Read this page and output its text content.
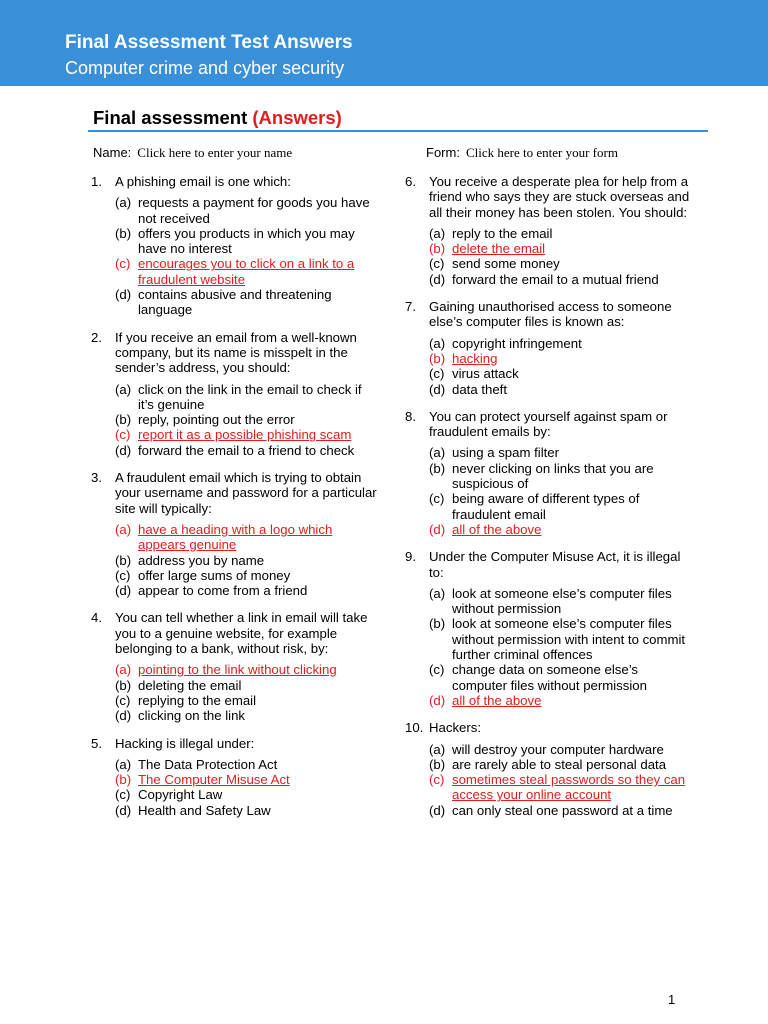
Final Assessment Test Answers
Computer crime and cyber security
Final assessment (Answers)
Name: Click here to enter your name	Form: Click here to enter your form
1. A phishing email is one which:
(a) requests a payment for goods you have not received
(b) offers you products in which you may have no interest
(c) encourages you to click on a link to a fraudulent website
(d) contains abusive and threatening language
2. If you receive an email from a well-known company, but its name is misspelt in the sender’s address, you should:
(a) click on the link in the email to check if it’s genuine
(b) reply, pointing out the error
(c) report it as a possible phishing scam
(d) forward the email to a friend to check
3. A fraudulent email which is trying to obtain your username and password for a particular site will typically:
(a) have a heading with a logo which appears genuine
(b) address you by name
(c) offer large sums of money
(d) appear to come from a friend
4. You can tell whether a link in email will take you to a genuine website, for example belonging to a bank, without risk, by:
(a) pointing to the link without clicking
(b) deleting the email
(c) replying to the email
(d) clicking on the link
5. Hacking is illegal under:
(a) The Data Protection Act
(b) The Computer Misuse Act
(c) Copyright Law
(d) Health and Safety Law
6. You receive a desperate plea for help from a friend who says they are stuck overseas and all their money has been stolen. You should:
(a) reply to the email
(b) delete the email
(c) send some money
(d) forward the email to a mutual friend
7. Gaining unauthorised access to someone else’s computer files is known as:
(a) copyright infringement
(b) hacking
(c) virus attack
(d) data theft
8. You can protect yourself against spam or fraudulent emails by:
(a) using a spam filter
(b) never clicking on links that you are suspicious of
(c) being aware of different types of fraudulent email
(d) all of the above
9. Under the Computer Misuse Act, it is illegal to:
(a) look at someone else’s computer files without permission
(b) look at someone else’s computer files without permission with intent to commit further criminal offences
(c) change data on someone else’s computer files without permission
(d) all of the above
10. Hackers:
(a) will destroy your computer hardware
(b) are rarely able to steal personal data
(c) sometimes steal passwords so they can access your online account
(d) can only steal one password at a time
1
